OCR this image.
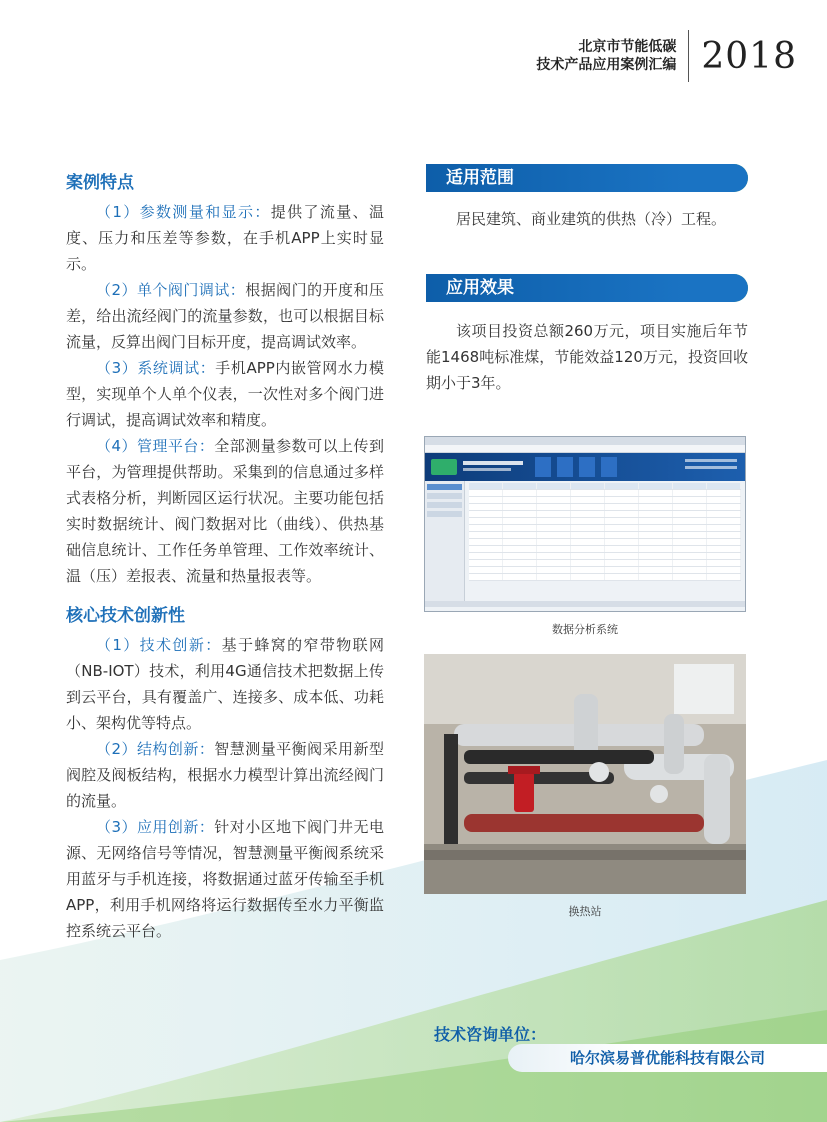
北京市节能低碳
技术产品应用案例汇编 2018
案例特点

（1）参数测量和显示：提供了流量、温度、压力和压差等参数，在手机APP上实时显示。

（2）单个阀门调试：根据阀门的开度和压差，给出流经阀门的流量参数，也可以根据目标流量，反算出阀门目标开度，提高调试效率。

（3）系统调试：手机APP内嵌管网水力模型，实现单个人单个仪表，一次性对多个阀门进行调试，提高调试效率和精度。

（4）管理平台：全部测量参数可以上传到平台，为管理提供帮助。采集到的信息通过多样式表格分析，判断园区运行状况。主要功能包括实时数据统计、阀门数据对比（曲线）、供热基础信息统计、工作任务单管理、工作效率统计、温（压）差报表、流量和热量报表等。

核心技术创新性

（1）技术创新：基于蜂窝的窄带物联网（NB-IOT）技术，利用4G通信技术把数据上传到云平台，具有覆盖广、连接多、成本低、功耗小、架构优等特点。

（2）结构创新：智慧测量平衡阀采用新型阀腔及阀板结构，根据水力模型计算出流经阀门的流量。

（3）应用创新：针对小区地下阀门井无电源、无网络信号等情况，智慧测量平衡阀系统采用蓝牙与手机连接，将数据通过蓝牙传输至手机APP，利用手机网络将运行数据传至水力平衡监控系统云平台。

适用范围

居民建筑、商业建筑的供热（冷）工程。

应用效果

该项目投资总额260万元，项目实施后年节能1468吨标准煤，节能效益120万元，投资回收期小于3年。

数据分析系统
换热站
技术咨询单位：
哈尔滨易普优能科技有限公司
